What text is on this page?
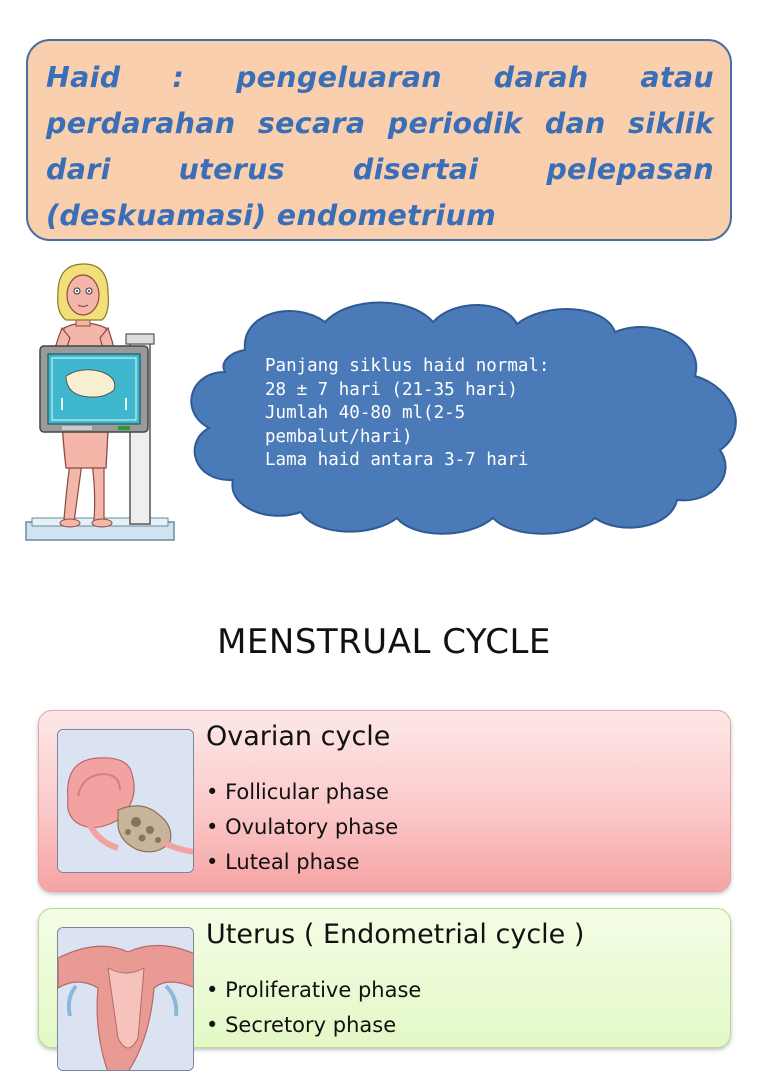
Haid : pengeluaran darah atau perdarahan secara periodik dan siklik dari uterus disertai pelepasan (deskuamasi) endometrium

Panjang siklus haid normal:
28 ± 7 hari (21-35 hari)
Jumlah 40-80 ml(2-5
pembalut/hari)
Lama haid antara 3-7 hari
MENSTRUAL CYCLE
Ovarian cycle
• Follicular phase
• Ovulatory phase
• Luteal phase
Uterus ( Endometrial cycle )
• Proliferative phase
• Secretory phase
